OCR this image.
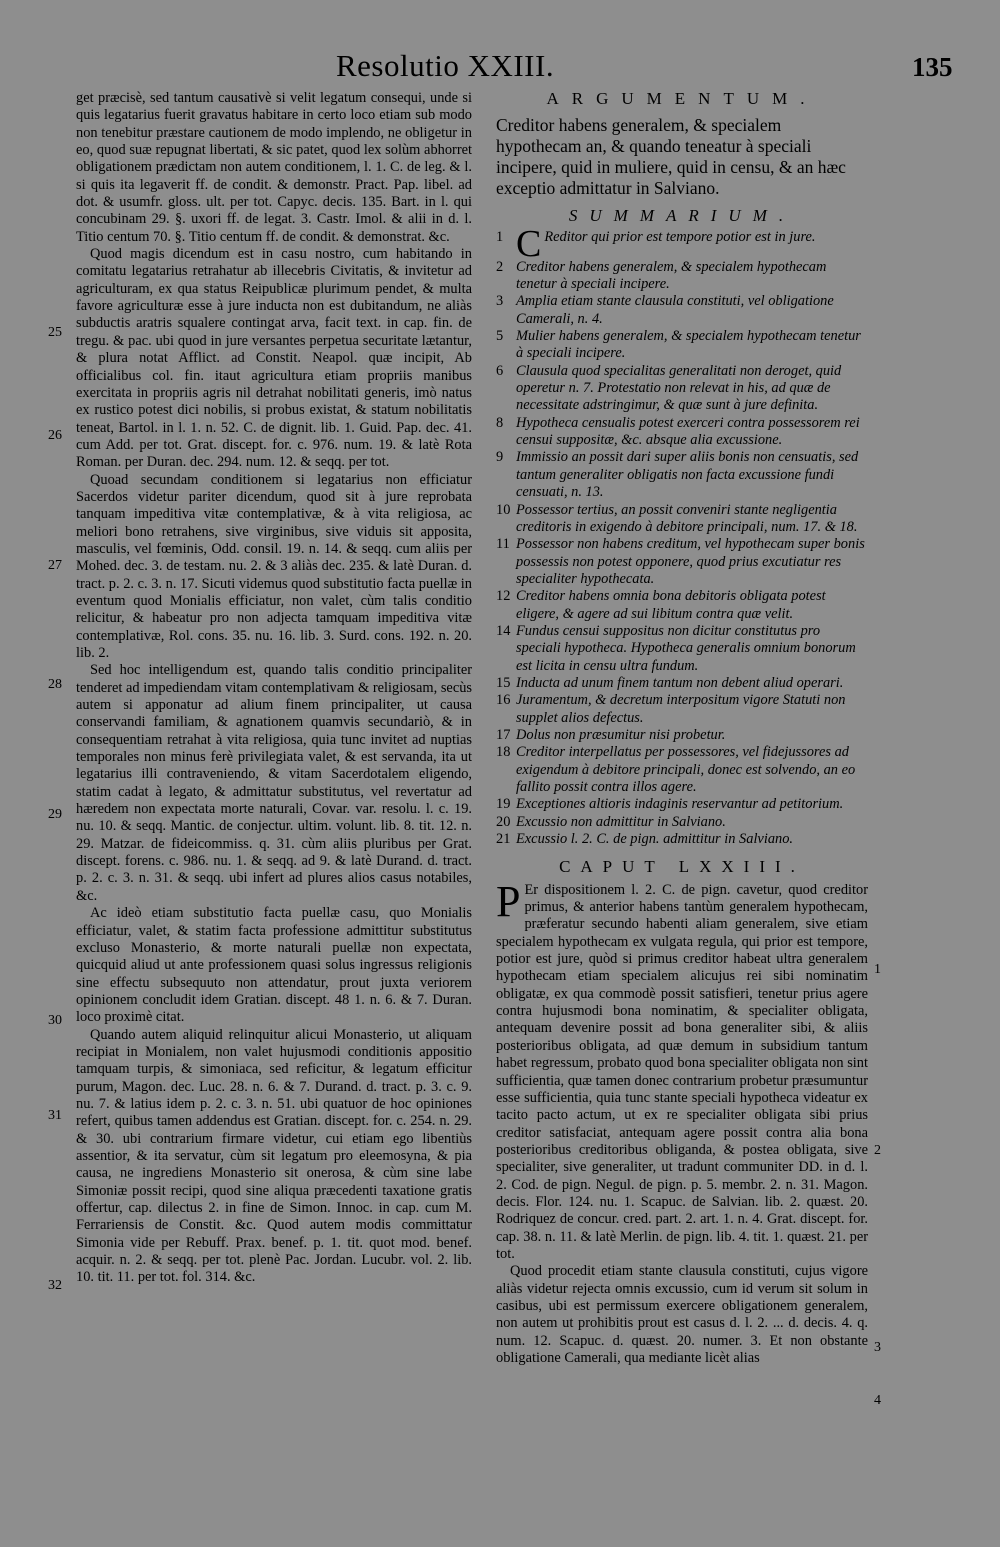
Resolutio XXIII.	135

get præcisè, sed tantum causativè si velit legatum consequi, unde si quis legatarius fuerit gravatus habitare in certo loco etiam sub modo non tenebitur præstare cautionem de modo implendo, ne obligetur in eo, quod suæ repugnat libertati, & sic patet, quod lex solùm abhorret obligationem prædictam non autem conditionem, l. 1. C. de leg. & l. si quis ita legaverit ff. de condit. & demonstr. Pract. Pap. libel. ad dot. & usumfr. gloss. ult. per tot. Capyc. decis. 135. Bart. in l. qui concubinam 29. §. uxori ff. de legat. 3. Castr. Imol. & alii in d. l. Titio centum 70. §. Titio centum ff. de condit. & demonstrat. &c.

Quod magis dicendum est in casu nostro, cum habitando in comitatu legatarius retrahatur ab illecebris Civitatis, & invitetur ad agriculturam, ex qua status Reipublicæ plurimum pendet, & multa favore agriculturæ esse à jure inducta non est dubitandum, ne aliàs subductis aratris squalere contingat arva, facit text. in cap. fin. de tregu. & pac. ubi quod in jure versantes perpetua securitate lætantur, & plura notat Afflict. ad Constit. Neapol. quæ incipit, Ab officialibus col. fin. itaut agricultura etiam propriis manibus exercitata in propriis agris nil detrahat nobilitati generis, imò natus ex rustico potest dici nobilis, si probus existat, & statum nobilitatis teneat, Bartol. in l. 1. n. 52. C. de dignit. lib. 1. Guid. Pap. dec. 41. cum Add. per tot. Grat. discept. for. c. 976. num. 19. & latè Rota Roman. per Duran. dec. 294. num. 12. & seqq. per tot.

Quoad secundam conditionem si legatarius non efficiatur Sacerdos videtur pariter dicendum, quod sit à jure reprobata tanquam impeditiva vitæ contemplativæ, & à vita religiosa, ac meliori bono retrahens, sive virginibus, sive viduis sit apposita, masculis, vel fœminis, Odd. consil. 19. n. 14. & seqq. cum aliis per Mohed. dec. 3. de testam. nu. 2. & 3 aliàs dec. 235. & latè Duran. d. tract. p. 2. c. 3. n. 17. Sicuti videmus quod substitutio facta puellæ in eventum quod Monialis efficiatur, non valet, cùm talis conditio relicitur, & habeatur pro non adjecta tamquam impeditiva vitæ contemplativæ, Rol. cons. 35. nu. 16. lib. 3. Surd. cons. 192. n. 20. lib. 2.

Sed hoc intelligendum est, quando talis conditio principaliter tenderet ad impediendam vitam contemplativam & religiosam, secùs autem si apponatur ad alium finem principaliter, ut causa conservandi familiam, & agnationem quamvis secundariò, & in consequentiam retrahat à vita religiosa, quia tunc invitet ad nuptias temporales non minus ferè privilegiata valet, & est servanda, ita ut legatarius illi contraveniendo, & vitam Sacerdotalem eligendo, statim cadat à legato, & admittatur substitutus, vel revertatur ad hæredem non expectata morte naturali, Covar. var. resolu. l. c. 19. nu. 10. & seqq. Mantic. de conjectur. ultim. volunt. lib. 8. tit. 12. n. 29. Matzar. de fideicommiss. q. 31. cùm aliis pluribus per Grat. discept. forens. c. 986. nu. 1. & seqq. ad 9. & latè Durand. d. tract. p. 2. c. 3. n. 31. & seqq. ubi infert ad plures alios casus notabiles, &c.

Ac ideò etiam substitutio facta puellæ casu, quo Monialis efficiatur, valet, & statim facta professione admittitur substitutus excluso Monasterio, & morte naturali puellæ non expectata, quicquid aliud ut ante professionem quasi solus ingressus religionis sine effectu subsequuto non attendatur, prout juxta veriorem opinionem concludit idem Gratian. discept. 48 1. n. 6. & 7. Duran. loco proximè citat.

Quando autem aliquid relinquitur alicui Monasterio, ut aliquam recipiat in Monialem, non valet hujusmodi conditionis appositio tamquam turpis, & simoniaca, sed reficitur, & legatum efficitur purum, Magon. dec. Luc. 28. n. 6. & 7. Durand. d. tract. p. 3. c. 9. nu. 7. & latius idem p. 2. c. 3. n. 51. ubi quatuor de hoc opiniones refert, quibus tamen addendus est Gratian. discept. for. c. 254. n. 29. & 30. ubi contrarium firmare videtur, cui etiam ego libentiùs assentior, & ita servatur, cùm sit legatum pro eleemosyna, & pia causa, ne ingrediens Monasterio sit onerosa, & cùm sine labe Simoniæ possit recipi, quod sine aliqua præcedenti taxatione gratis offertur, cap. dilectus 2. in fine de Simon. Innoc. in cap. cum M. Ferrariensis de Constit. &c. Quod autem modis committatur Simonia vide per Rebuff. Prax. benef. p. 1. tit. quot mod. benef. acquir. n. 2. & seqq. per tot. plenè Pac. Jordan. Lucubr. vol. 2. lib. 10. tit. 11. per tot. fol. 314. &c.

25
26
27
28
29
30
31
32
ARGUMENTUM.
Creditor habens generalem, & specialem hypothecam an, & quando teneatur à speciali incipere, quid in muliere, quid in censu, & an hæc exceptio admittatur in Salviano.
SUMMARIUM.
1 C Reditor qui prior est tempore potior est in jure.
2 Creditor habens generalem, & specialem hypothecam tenetur à speciali incipere.
3 Amplia etiam stante clausula constituti, vel obligatione Camerali, n. 4.
5 Mulier habens generalem, & specialem hypothecam tenetur à speciali incipere.
6 Clausula quod specialitas generalitati non deroget, quid operetur n. 7. Protestatio non relevat in his, ad quæ de necessitate adstringimur, & quæ sunt à jure definita.
8 Hypotheca censualis potest exerceri contra possessorem rei censui suppositæ, &c. absque alia excussione.
9 Immissio an possit dari super aliis bonis non censuatis, sed tantum generaliter obligatis non facta excussione fundi censuati, n. 13.
10 Possessor tertius, an possit conveniri stante negligentia creditoris in exigendo à debitore principali, num. 17. & 18.
11 Possessor non habens creditum, vel hypothecam super bonis possessis non potest opponere, quod prius excutiatur res specialiter hypothecata.
12 Creditor habens omnia bona debitoris obligata potest eligere, & agere ad sui libitum contra quæ velit.
14 Fundus censui suppositus non dicitur constitutus pro speciali hypotheca. Hypotheca generalis omnium bonorum est licita in censu ultra fundum.
15 Inducta ad unum finem tantum non debent aliud operari.
16 Juramentum, & decretum interpositum vigore Statuti non supplet alios defectus.
17 Dolus non præsumitur nisi probetur.
18 Creditor interpellatus per possessores, vel fidejussores ad exigendum à debitore principali, donec est solvendo, an eo fallito possit contra illos agere.
19 Exceptiones altioris indaginis reservantur ad petitorium.
20 Excussio non admittitur in Salviano.
21 Excussio l. 2. C. de pign. admittitur in Salviano.
CAPUT LXXIII.

P Er dispositionem l. 2. C. de pign. cavetur, quod creditor primus, & anterior habens tantùm generalem hypothecam, præferatur secundo habenti aliam generalem, sive etiam specialem hypothecam ex vulgata regula, qui prior est tempore, potior est jure, quòd si primus creditor habeat ultra generalem hypothecam etiam specialem alicujus rei sibi nominatim obligatæ, ex qua commodè possit satisfieri, tenetur prius agere contra hujusmodi bona nominatim, & specialiter obligata, antequam devenire possit ad bona generaliter sibi, & aliis posterioribus obligata, ad quæ demum in subsidium tantum habet regressum, probato quod bona specialiter obligata non sint sufficientia, quæ tamen donec contrarium probetur præsumuntur esse sufficientia, quia tunc stante speciali hypotheca videatur ex tacito pacto actum, ut ex re specialiter obligata sibi prius creditor satisfaciat, antequam agere possit contra alia bona posterioribus creditoribus obliganda, & postea obligata, sive specialiter, sive generaliter, ut tradunt communiter DD. in d. l. 2. Cod. de pign. Negul. de pign. p. 5. membr. 2. n. 31. Magon. decis. Flor. 124. nu. 1. Scapuc. de Salvian. lib. 2. quæst. 20. Rodriquez de concur. cred. part. 2. art. 1. n. 4. Grat. discept. for. cap. 38. n. 11. & latè Merlin. de pign. lib. 4. tit. 1. quæst. 21. per tot.

Quod procedit etiam stante clausula constituti, cujus vigore aliàs videtur rejecta omnis excussio, cum id verum sit solum in casibus, ubi est permissum exercere obligationem generalem, non autem ut prohibitis prout est casus d. l. 2. ... d. decis. 4. q. num. 12. Scapuc. d. quæst. 20. numer. 3. Et non obstante obligatione Camerali, qua mediante licèt alias

1
2
3
4
